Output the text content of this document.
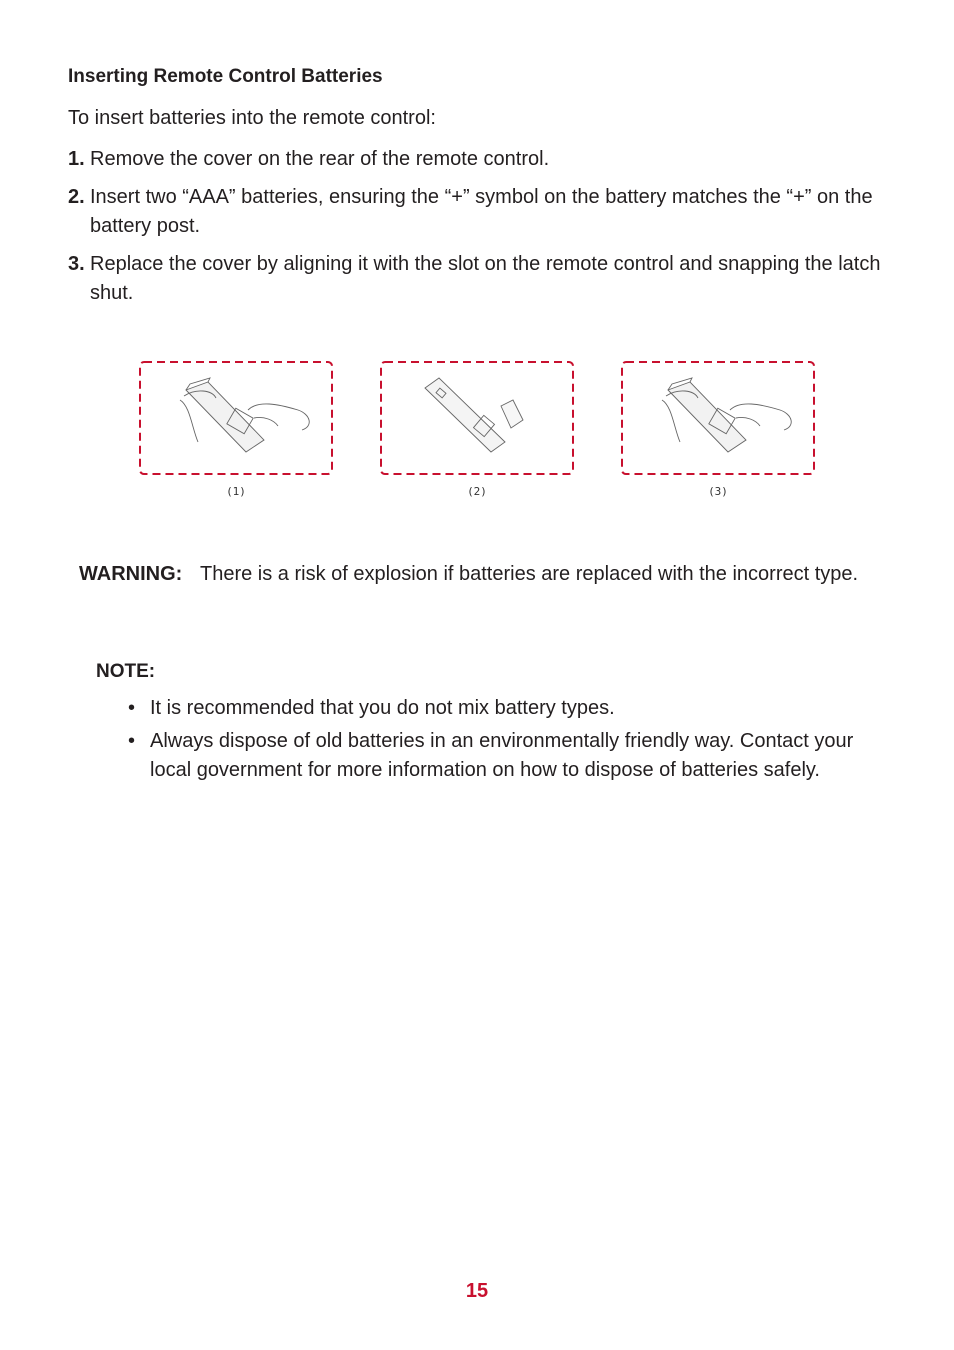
Inserting Remote Control Batteries
To insert batteries into the remote control:
1. Remove the cover on the rear of the remote control.
2. Insert two “AAA” batteries, ensuring the “+” symbol on the battery matches the “+” on the battery post.
3. Replace the cover by aligning it with the slot on the remote control and snapping the latch shut.
(1)	(2)	(3)
WARNING: There is a risk of explosion if batteries are replaced with the incorrect type.
NOTE:
• It is recommended that you do not mix battery types.
• Always dispose of old batteries in an environmentally friendly way. Contact your local government for more information on how to dispose of batteries safely.
15
